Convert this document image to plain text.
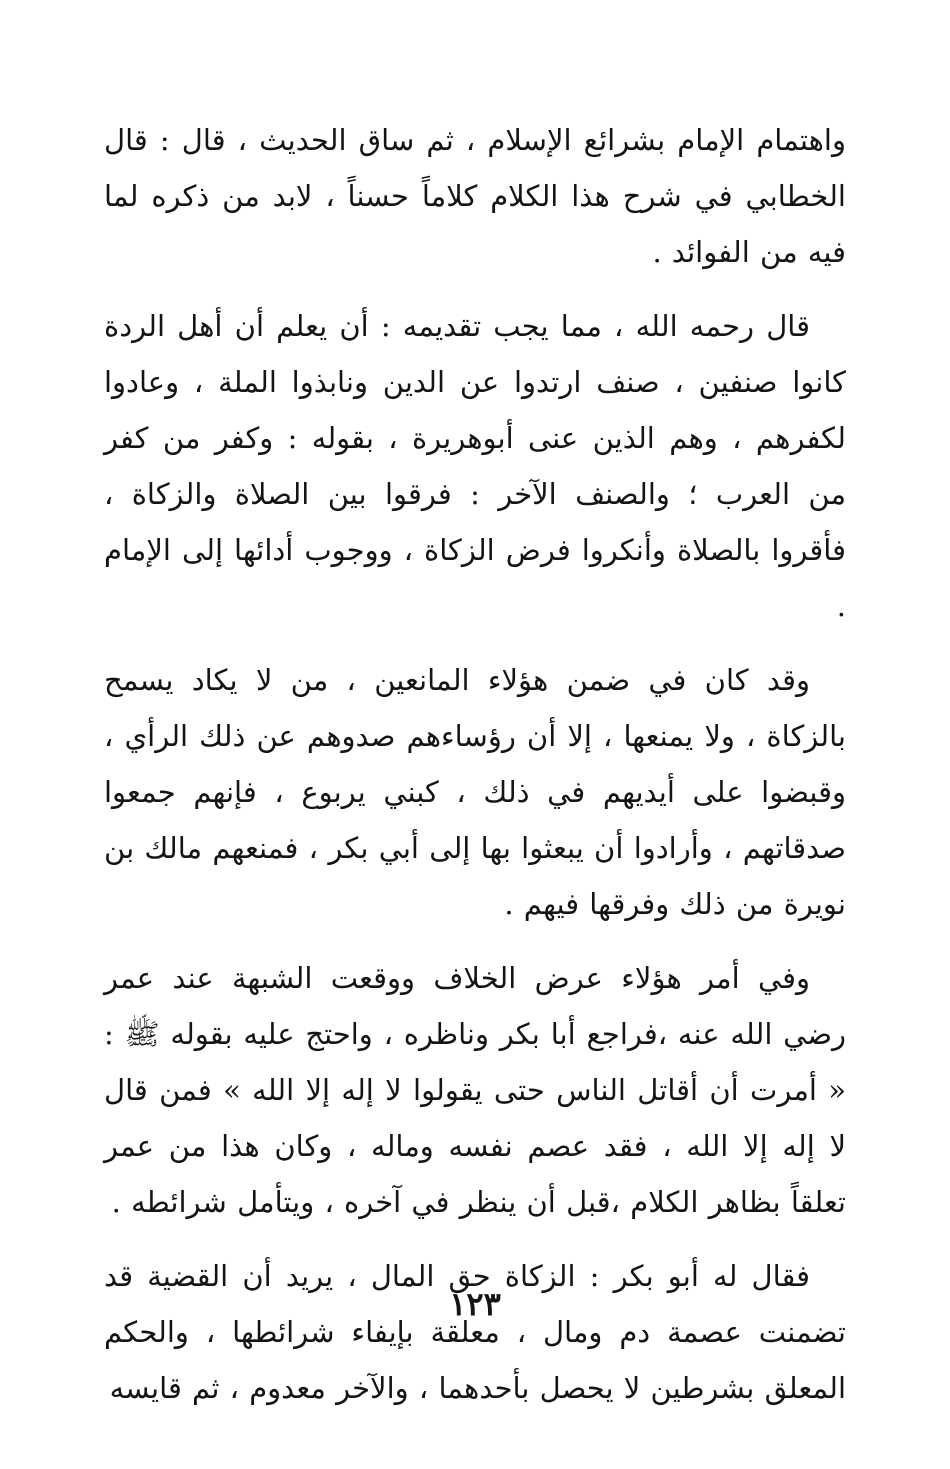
واهتمام الإمام بشرائع الإسلام ، ثم ساق الحديث ، قال : قال الخطابي في شرح هذا الكلام كلاماً حسناً ، لابد من ذكره لما فيه من الفوائد .

قال رحمه الله ، مما يجب تقديمه : أن يعلم أن أهل الردة كانوا صنفين ، صنف ارتدوا عن الدين ونابذوا الملة ، وعادوا لكفرهم ، وهم الذين عنى أبوهريرة ، بقوله : وكفر من كفر من العرب ؛ والصنف الآخر : فرقوا بين الصلاة والزكاة ، فأقروا بالصلاة وأنكروا فرض الزكاة ، ووجوب أدائها إلى الإمام .

وقد كان في ضمن هؤلاء المانعين ، من لا يكاد يسمح بالزكاة ، ولا يمنعها ، إلا أن رؤساءهم صدوهم عن ذلك الرأي ، وقبضوا على أيديهم في ذلك ، كبني يربوع ، فإنهم جمعوا صدقاتهم ، وأرادوا أن يبعثوا بها إلى أبي بكر ، فمنعهم مالك بن نويرة من ذلك وفرقها فيهم .

وفي أمر هؤلاء عرض الخلاف ووقعت الشبهة عند عمر رضي الله عنه ،فراجع أبا بكر وناظره ، واحتج عليه بقوله ﷺ : « أمرت أن أقاتل الناس حتى يقولوا لا إله إلا الله » فمن قال لا إله إلا الله ، فقد عصم نفسه وماله ، وكان هذا من عمر تعلقاً بظاهر الكلام ،قبل أن ينظر في آخره ، ويتأمل شرائطه .

فقال له أبو بكر : الزكاة حق المال ، يريد أن القضية قد تضمنت عصمة دم ومال ، معلقة بإيفاء شرائطها ، والحكم المعلق بشرطين لا يحصل بأحدهما ، والآخر معدوم ، ثم قايسه

١٢٣
